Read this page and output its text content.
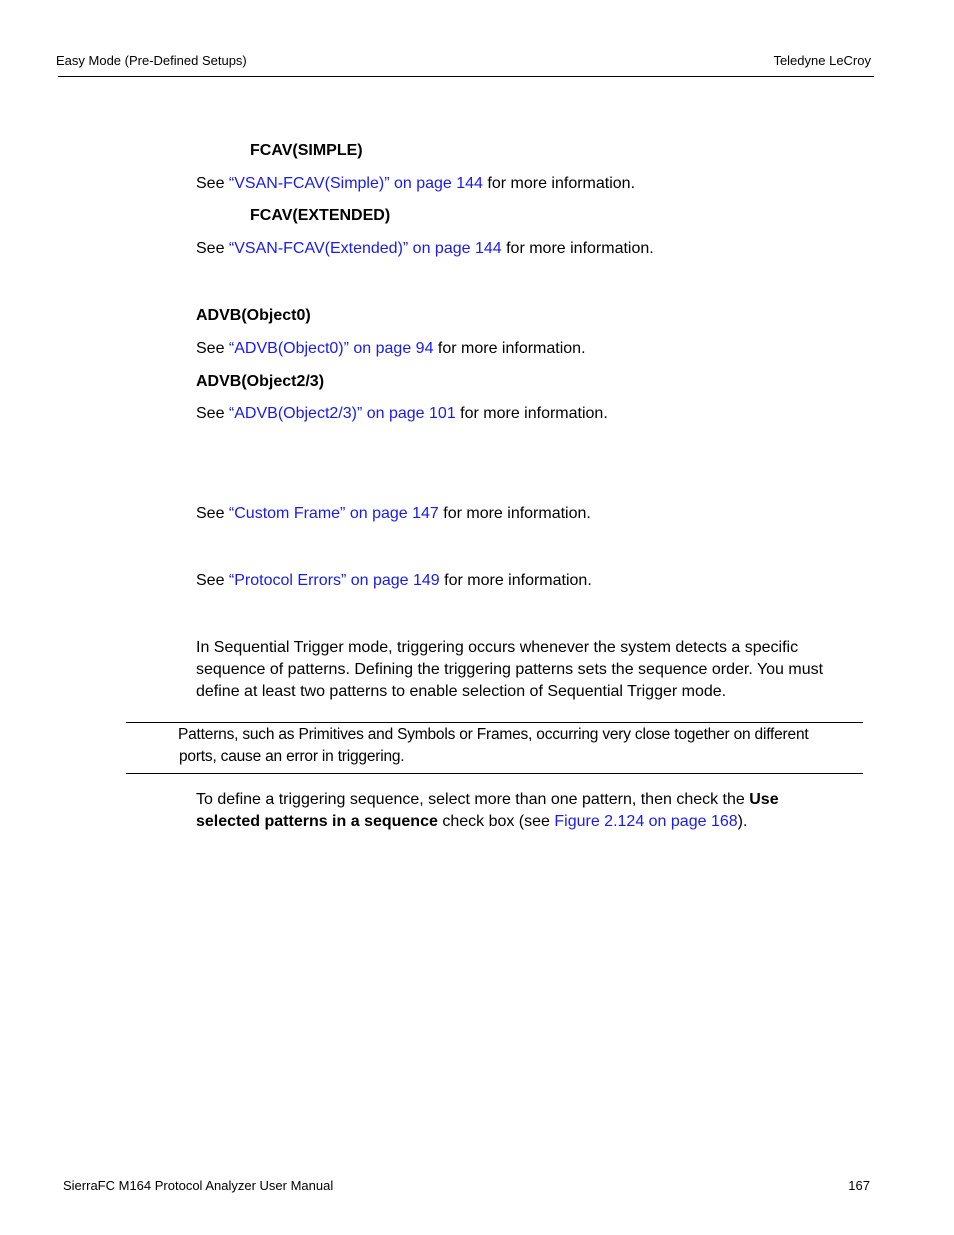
Easy Mode (Pre-Defined Setups)	Teledyne LeCroy
FCAV(SIMPLE)
See “VSAN-FCAV(Simple)” on page 144 for more information.
FCAV(EXTENDED)
See “VSAN-FCAV(Extended)” on page 144 for more information.
ADVB(Object0)
See “ADVB(Object0)” on page 94 for more information.
ADVB(Object2/3)
See “ADVB(Object2/3)” on page 101 for more information.
See “Custom Frame” on page 147 for more information.
See “Protocol Errors” on page 149 for more information.
In Sequential Trigger mode, triggering occurs whenever the system detects a specific
sequence of patterns. Defining the triggering patterns sets the sequence order. You must
define at least two patterns to enable selection of Sequential Trigger mode.
Patterns, such as Primitives and Symbols or Frames, occurring very close together on different
ports, cause an error in triggering.
To define a triggering sequence, select more than one pattern, then check the Use
selected patterns in a sequence check box (see Figure 2.124 on page 168).
SierraFC M164 Protocol Analyzer User Manual	167
